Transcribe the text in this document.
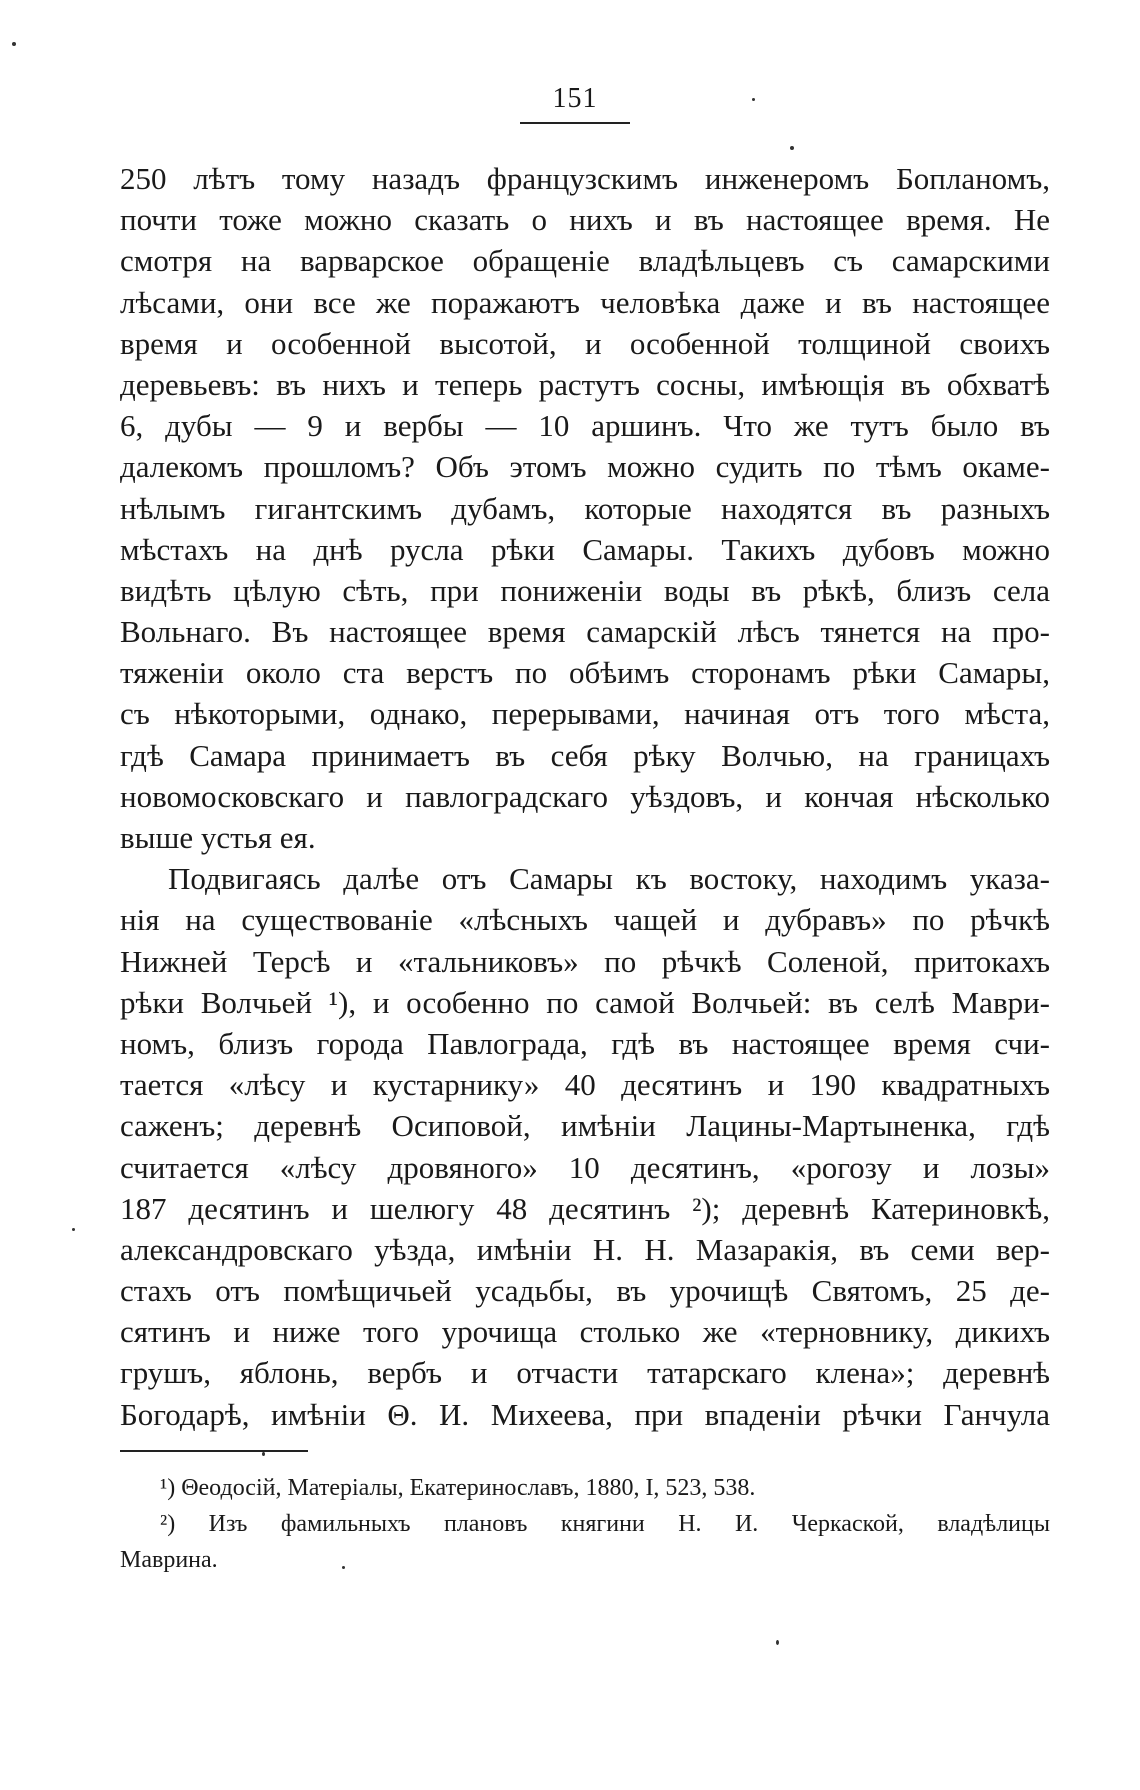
151
250 лѣтъ тому назадъ французскимъ инженеромъ Бопланомъ,
почти тоже можно сказать о нихъ и въ настоящее время. Не
смотря на варварское обращеніе владѣльцевъ съ самарскими
лѣсами, они все же поражаютъ человѣка даже и въ настоящее
время и особенной высотой, и особенной толщиной своихъ
деревьевъ: въ нихъ и теперь растутъ сосны, имѣющія въ обхватѣ
6, дубы — 9 и вербы — 10 аршинъ. Что же тутъ было въ
далекомъ прошломъ? Объ этомъ можно судить по тѣмъ окаме-
нѣлымъ гигантскимъ дубамъ, которые находятся въ разныхъ
мѣстахъ на днѣ русла рѣки Самары. Такихъ дубовъ можно
видѣть цѣлую сѣть, при пониженіи воды въ рѣкѣ, близъ села
Вольнаго. Въ настоящее время самарскій лѣсъ тянется на про-
тяженіи около ста верстъ по обѣимъ сторонамъ рѣки Самары,
съ нѣкоторыми, однако, перерывами, начиная отъ того мѣста,
гдѣ Самара принимаетъ въ себя рѣку Волчью, на границахъ
новомосковскаго и павлоградскаго уѣздовъ, и кончая нѣсколько
выше устья ея.
Подвигаясь далѣе отъ Самары къ востоку, находимъ указа-
нія на существованіе «лѣсныхъ чащей и дубравъ» по рѣчкѣ
Нижней Терсѣ и «тальниковъ» по рѣчкѣ Соленой, притокахъ
рѣки Волчьей ¹), и особенно по самой Волчьей: въ селѣ Маври-
номъ, близъ города Павлограда, гдѣ въ настоящее время счи-
тается «лѣсу и кустарнику» 40 десятинъ и 190 квадратныхъ
саженъ; деревнѣ Осиповой, имѣніи Лацины-Мартыненка, гдѣ
считается «лѣсу дровяного» 10 десятинъ, «рогозу и лозы»
187 десятинъ и шелюгу 48 десятинъ ²); деревнѣ Катериновкѣ,
александровскаго уѣзда, имѣніи Н. Н. Мазаракія, въ семи вер-
стахъ отъ помѣщичьей усадьбы, въ урочищѣ Святомъ, 25 де-
сятинъ и ниже того урочища столько же «терновнику, дикихъ
грушъ, яблонь, вербъ и отчасти татарскаго клена»; деревнѣ
Богодарѣ, имѣніи Θ. И. Михеева, при впаденіи рѣчки Ганчула
¹) Θеодосій, Матеріалы, Екатеринославъ, 1880, I, 523, 538.
²) Изъ фамильныхъ плановъ княгини Н. И. Черкаской, владѣлицы
Маврина.
